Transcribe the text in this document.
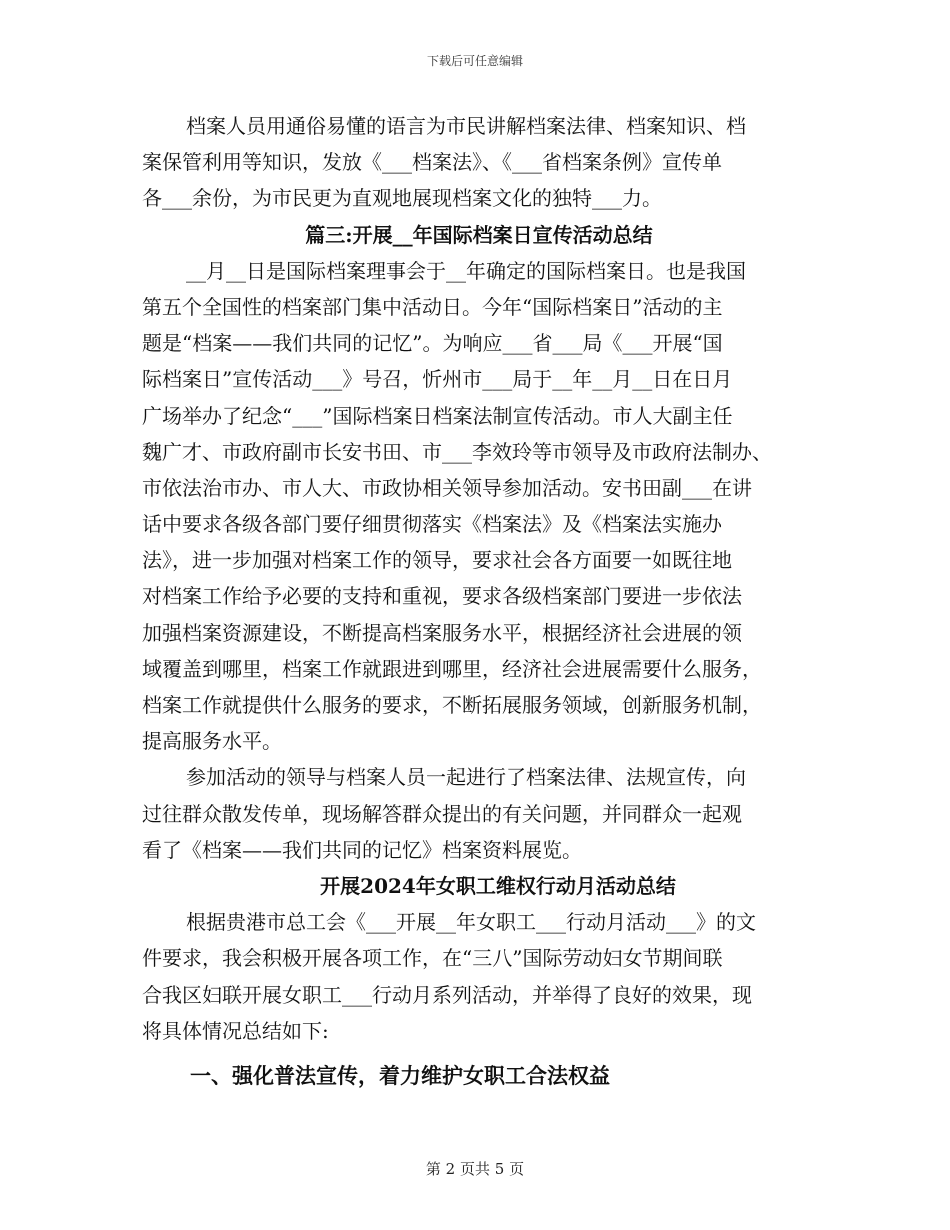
下载后可任意编辑
档案人员用通俗易懂的语言为市民讲解档案法律、档案知识、档
案保管利用等知识，发放《___档案法》、《___省档案条例》宣传单
各___余份，为市民更为直观地展现档案文化的独特___力。
篇三:开展__年国际档案日宣传活动总结
__月__日是国际档案理事会于__年确定的国际档案日。也是我国
第五个全国性的档案部门集中活动日。今年“国际档案日”活动的主
题是“档案——我们共同的记忆”。为响应___省___局《___开展“国
际档案日”宣传活动___》号召，忻州市___局于__年__月__日在日月
广场举办了纪念“___”国际档案日档案法制宣传活动。市人大副主任
魏广才、市政府副市长安书田、市___李效玲等市领导及市政府法制办、
市依法治市办、市人大、市政协相关领导参加活动。安书田副___在讲
话中要求各级各部门要仔细贯彻落实《档案法》及《档案法实施办
法》，进一步加强对档案工作的领导，要求社会各方面要一如既往地
对档案工作给予必要的支持和重视，要求各级档案部门要进一步依法
加强档案资源建设，不断提高档案服务水平，根据经济社会进展的领
域覆盖到哪里，档案工作就跟进到哪里，经济社会进展需要什么服务，
档案工作就提供什么服务的要求，不断拓展服务领域，创新服务机制，
提高服务水平。
参加活动的领导与档案人员一起进行了档案法律、法规宣传，向
过往群众散发传单，现场解答群众提出的有关问题，并同群众一起观
看了《档案——我们共同的记忆》档案资料展览。
开展2024年女职工维权行动月活动总结
根据贵港市总工会《___开展__年女职工___行动月活动___》的文
件要求，我会积极开展各项工作，在“三八”国际劳动妇女节期间联
合我区妇联开展女职工___行动月系列活动，并举得了良好的效果，现
将具体情况总结如下:
一、强化普法宣传，着力维护女职工合法权益
第 2 页共 5 页
